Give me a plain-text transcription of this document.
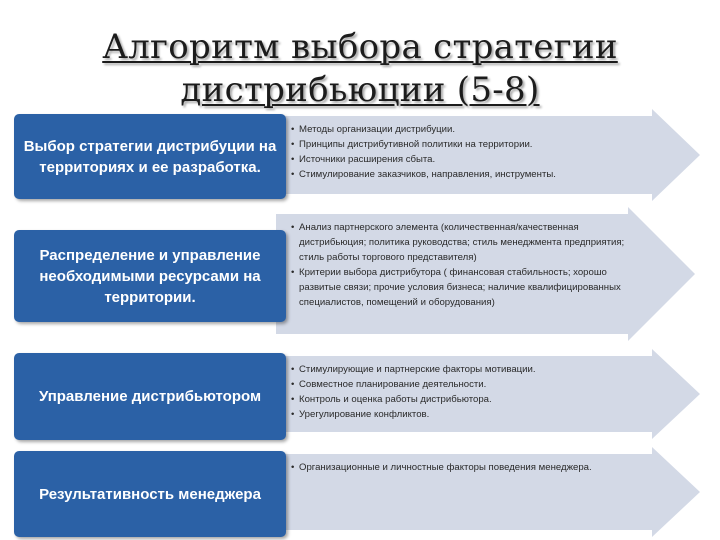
Алгоритм выбора стратегии
дистрибьюции (5-8)
Выбор стратегии дистрибуции на территориях и ее разработка.
• Методы организации дистрибуции.
• Принципы дистрибутивной политики на территории.
• Источники расширения сбыта.
• Стимулирование заказчиков, направления, инструменты.
Распределение и управление необходимыми ресурсами на территории.
• Анализ партнерского элемента (количественная/качественная дистрибьюция; политика руководства; стиль менеджмента предприятия; стиль работы торгового представителя)
• Критерии выбора дистрибутора ( финансовая стабильность; хорошо развитые связи; прочие условия бизнеса; наличие квалифицированных специалистов, помещений и оборудования)
Управление дистрибьютором
• Стимулирующие и партнерские факторы мотивации.
• Совместное планирование деятельности.
• Контроль и оценка работы дистрибьютора.
• Урегулирование конфликтов.
Результативность менеджера
• Организационные и личностные факторы поведения менеджера.
